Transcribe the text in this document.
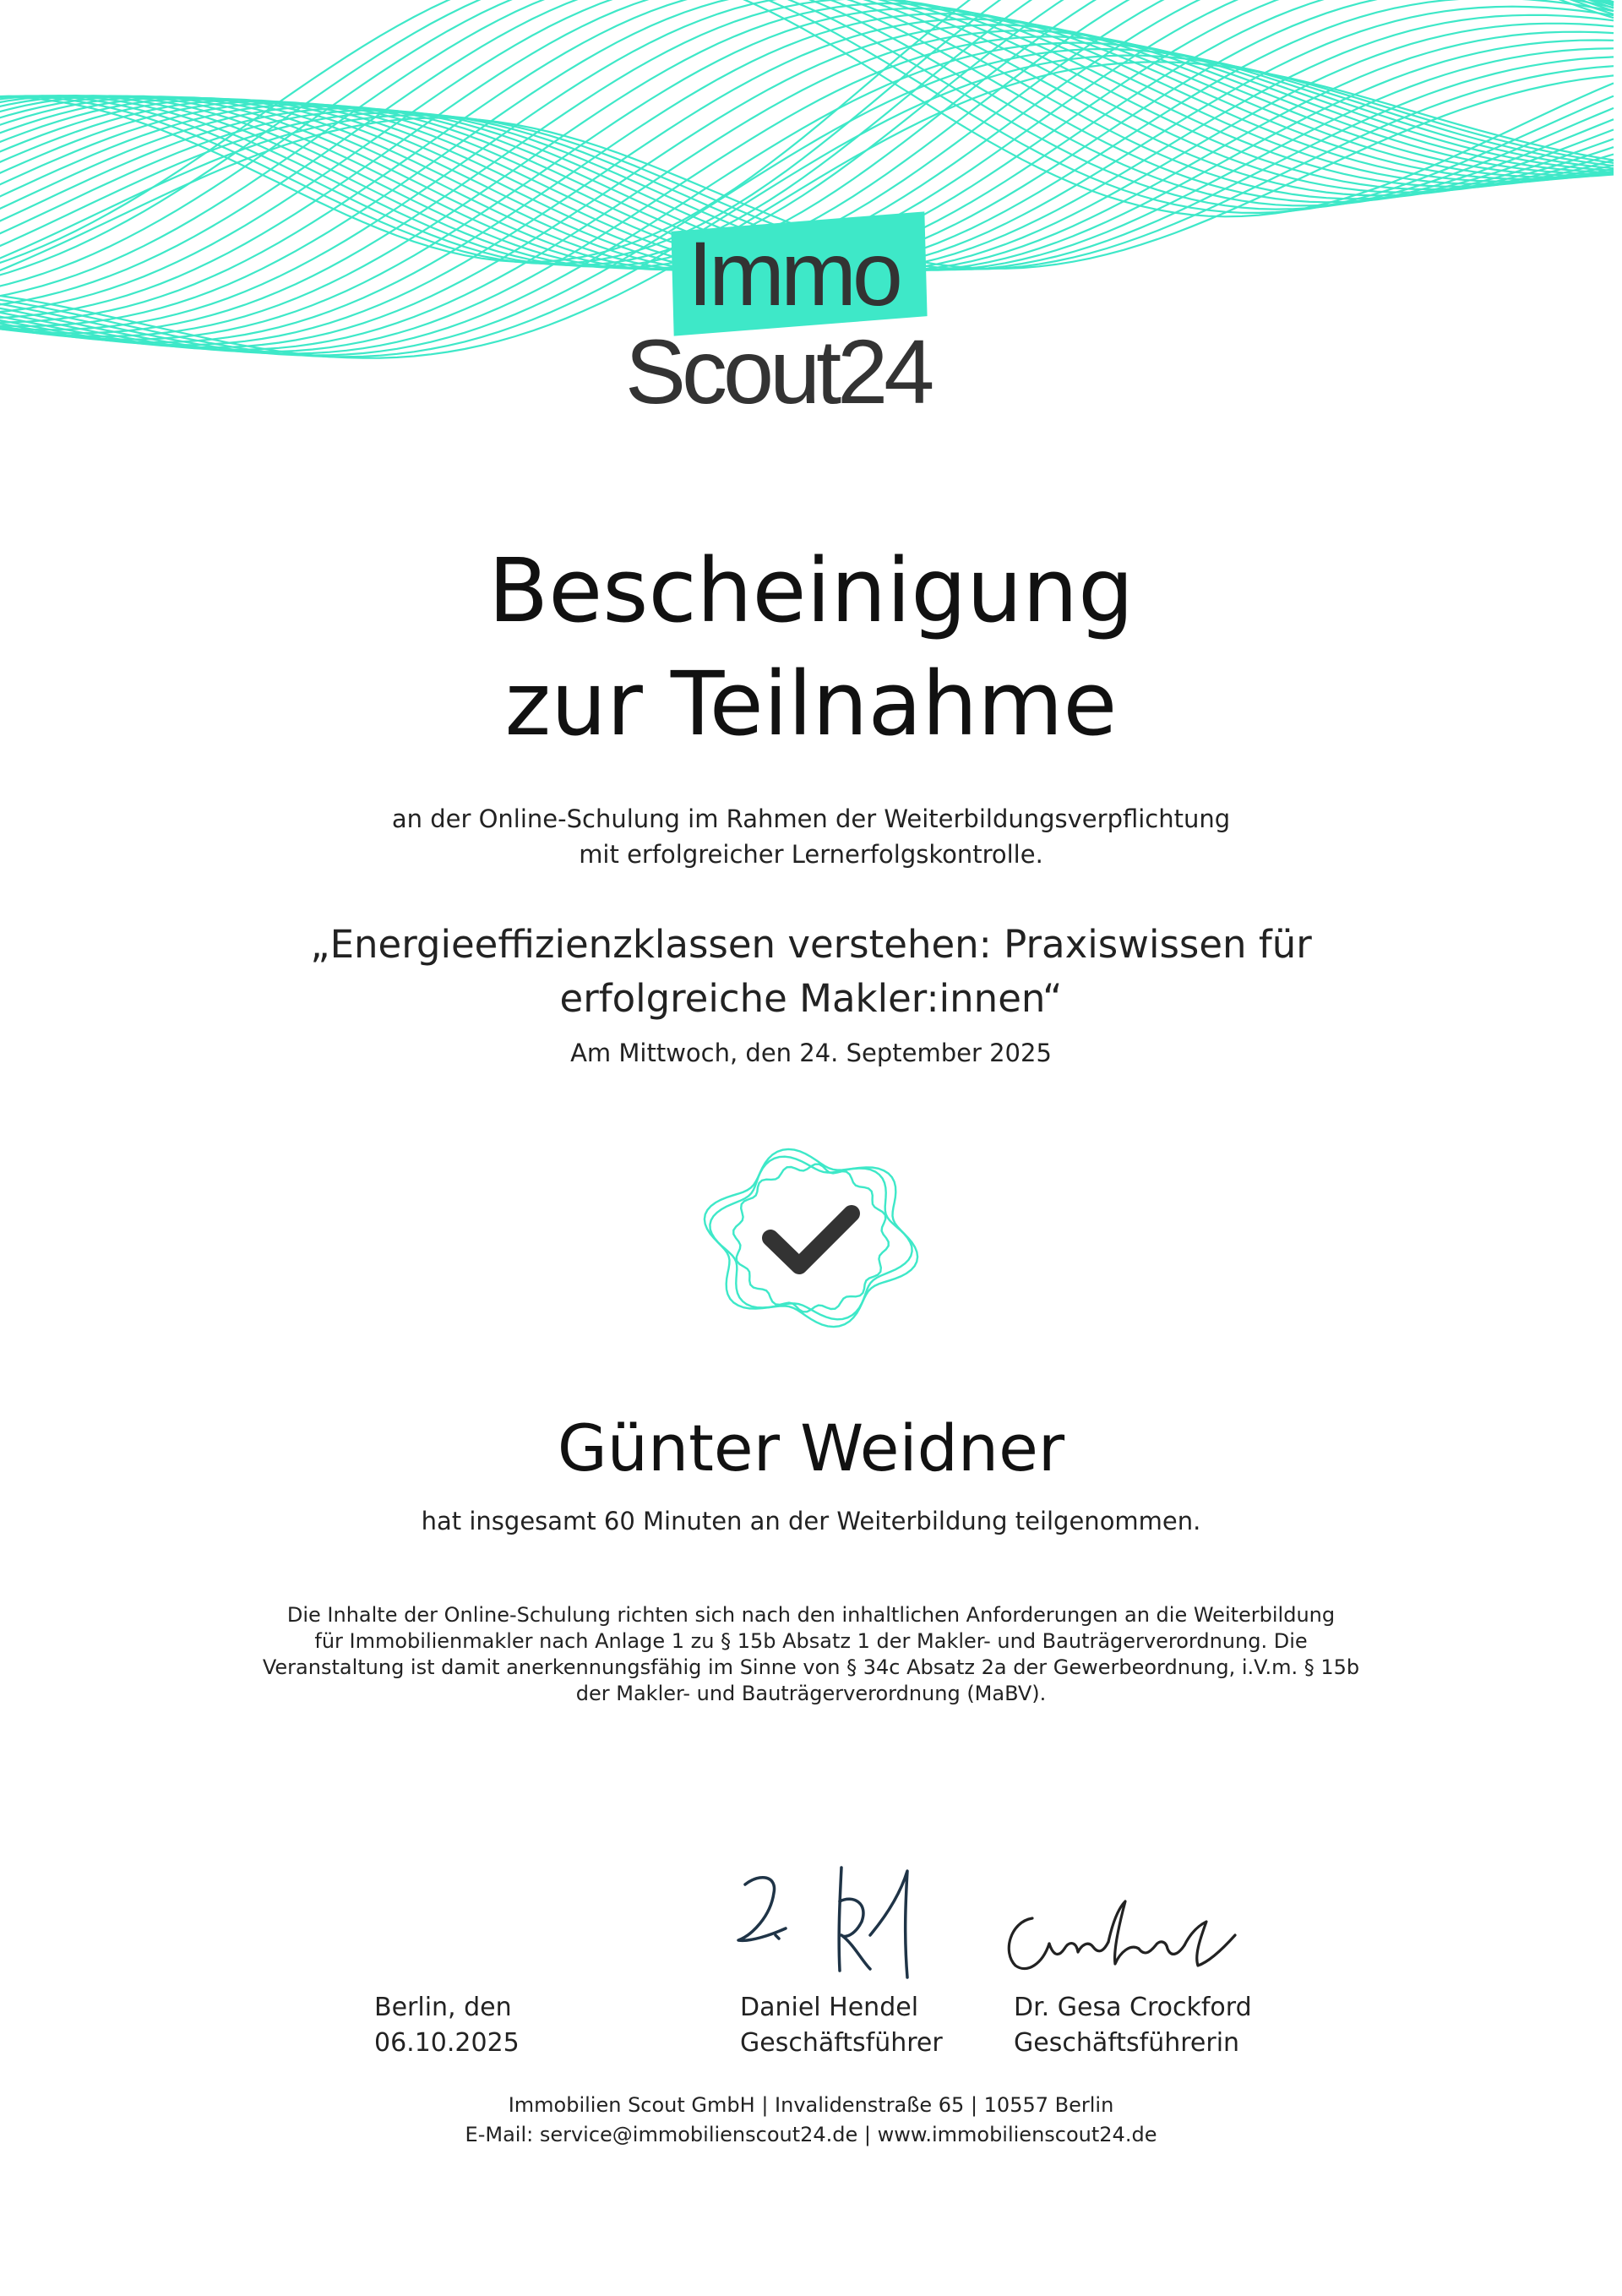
Immo
Scout24
Bescheinigung
zur Teilnahme
an der Online-Schulung im Rahmen der Weiterbildungsverpflichtung
mit erfolgreicher Lernerfolgskontrolle.
„Energieeffizienzklassen verstehen: Praxiswissen für
erfolgreiche Makler:innen“
Am Mittwoch, den 24. September 2025
Günter Weidner
hat insgesamt 60 Minuten an der Weiterbildung teilgenommen.
Die Inhalte der Online-Schulung richten sich nach den inhaltlichen Anforderungen an die Weiterbildung
für Immobilienmakler nach Anlage 1 zu § 15b Absatz 1 der Makler- und Bauträgerverordnung. Die
Veranstaltung ist damit anerkennungsfähig im Sinne von § 34c Absatz 2a der Gewerbeordnung, i.V.m. § 15b
der Makler- und Bauträgerverordnung (MaBV).
Berlin, den
06.10.2025
Daniel Hendel
Geschäftsführer
Dr. Gesa Crockford
Geschäftsführerin
Immobilien Scout GmbH | Invalidenstraße 65 | 10557 Berlin
E-Mail: service@immobilienscout24.de | www.immobilienscout24.de
